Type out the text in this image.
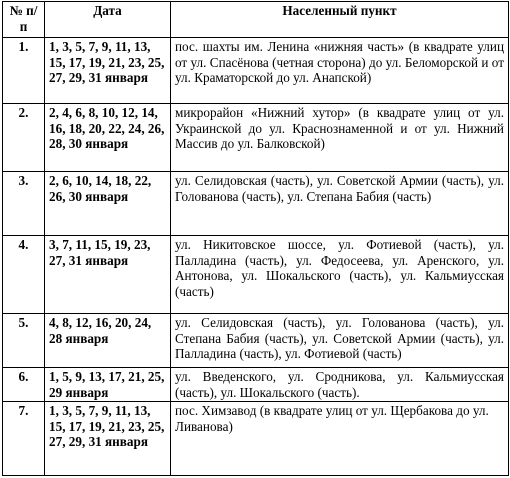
№ п/п	Дата	Населенный пункт
1.	1, 3, 5, 7, 9, 11, 13, 15, 17, 19, 21, 23, 25, 27, 29, 31 января	пос. шахты им. Ленина «нижняя часть» (в квадрате улиц от ул. Спасёнова (четная сторона) до ул. Беломорской и от ул. Краматорской до ул. Анапской)
2.	2, 4, 6, 8, 10, 12, 14, 16, 18, 20, 22, 24, 26, 28, 30 января	микрорайон «Нижний хутор» (в квадрате улиц от ул. Украинской до ул. Краснознаменной и от ул. Нижний Массив до ул. Балковской)
3.	2, 6, 10, 14, 18, 22, 26, 30 января	ул. Селидовская (часть), ул. Советской Армии (часть), ул. Голованова (часть), ул. Степана Бабия (часть)
4.	3, 7, 11, 15, 19, 23, 27, 31 января	ул. Никитовское шоссе, ул. Фотиевой (часть), ул. Палладина (часть), ул. Федосеева, ул. Аренского, ул. Антонова, ул. Шокальского (часть), ул. Кальмиусская (часть)
5.	4, 8, 12, 16, 20, 24, 28 января	ул. Селидовская (часть), ул. Голованова (часть), ул. Степана Бабия (часть), ул. Советской Армии (часть), ул. Палладина (часть), ул. Фотиевой (часть)
6.	1, 5, 9, 13, 17, 21, 25, 29 января	ул. Введенского, ул. Сродникова, ул. Кальмиусская (часть), ул. Шокальского (часть).
7.	1, 3, 5, 7, 9, 11, 13, 15, 17, 19, 21, 23, 25, 27, 29, 31 января	пос. Химзавод (в квадрате улиц от ул. Щербакова до ул. Ливанова)
